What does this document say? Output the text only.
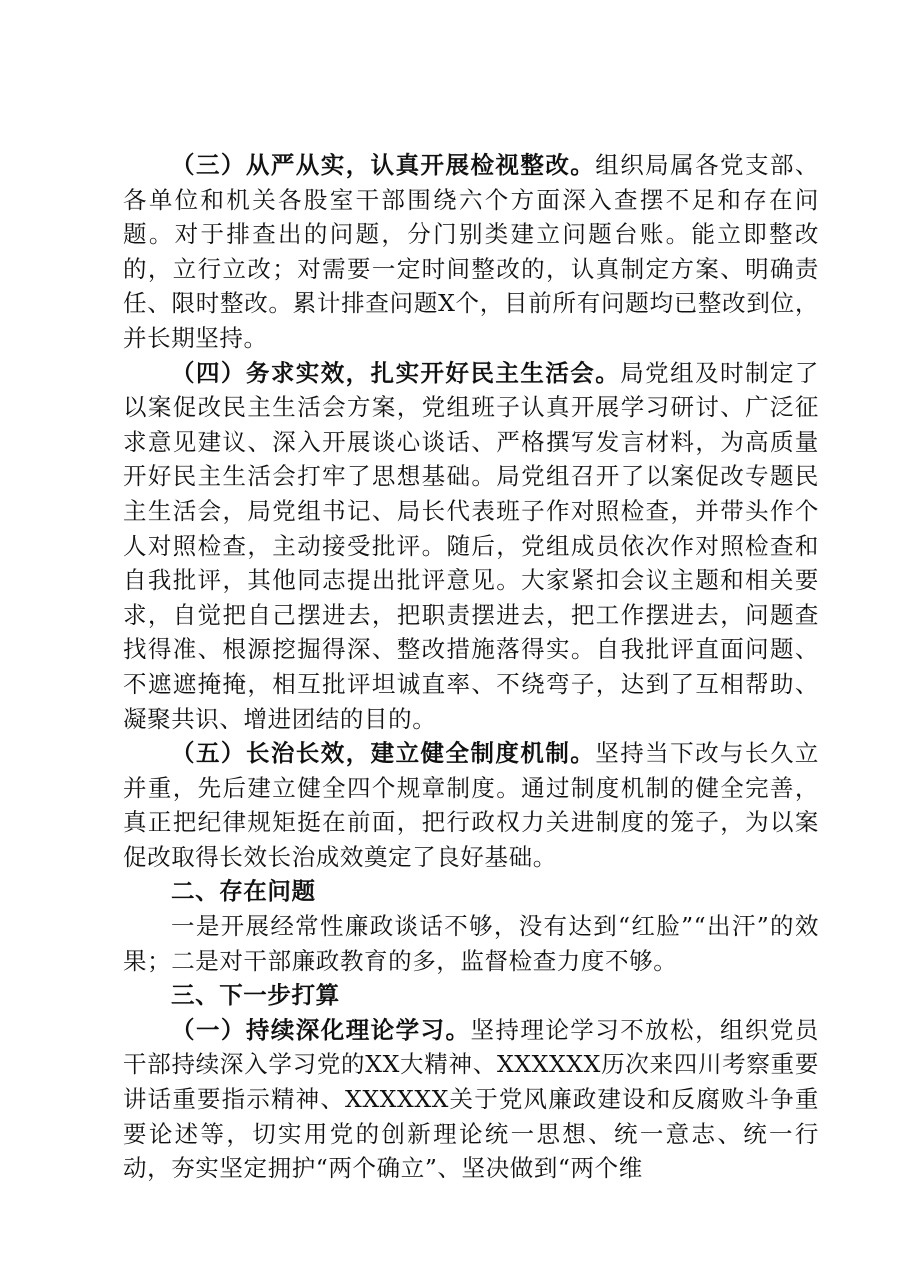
（三）从严从实，认真开展检视整改。组织局属各党支部、各单位和机关各股室干部围绕六个方面深入查摆不足和存在问题。对于排查出的问题，分门别类建立问题台账。能立即整改的，立行立改；对需要一定时间整改的，认真制定方案、明确责任、限时整改。累计排查问题X个，目前所有问题均已整改到位，并长期坚持。

（四）务求实效，扎实开好民主生活会。局党组及时制定了以案促改民主生活会方案，党组班子认真开展学习研讨、广泛征求意见建议、深入开展谈心谈话、严格撰写发言材料，为高质量开好民主生活会打牢了思想基础。局党组召开了以案促改专题民主生活会，局党组书记、局长代表班子作对照检查，并带头作个人对照检查，主动接受批评。随后，党组成员依次作对照检查和自我批评，其他同志提出批评意见。大家紧扣会议主题和相关要求，自觉把自己摆进去，把职责摆进去，把工作摆进去，问题查找得准、根源挖掘得深、整改措施落得实。自我批评直面问题、不遮遮掩掩，相互批评坦诚直率、不绕弯子，达到了互相帮助、凝聚共识、增进团结的目的。

（五）长治长效，建立健全制度机制。坚持当下改与长久立并重，先后建立健全四个规章制度。通过制度机制的健全完善，真正把纪律规矩挺在前面，把行政权力关进制度的笼子，为以案促改取得长效长治成效奠定了良好基础。

二、存在问题

一是开展经常性廉政谈话不够，没有达到“红脸”“出汗”的效果；二是对干部廉政教育的多，监督检查力度不够。

三、下一步打算

（一）持续深化理论学习。坚持理论学习不放松，组织党员干部持续深入学习党的XX大精神、XXXXXX历次来四川考察重要讲话重要指示精神、XXXXXX关于党风廉政建设和反腐败斗争重要论述等，切实用党的创新理论统一思想、统一意志、统一行动，夯实坚定拥护“两个确立”、坚决做到“两个维
